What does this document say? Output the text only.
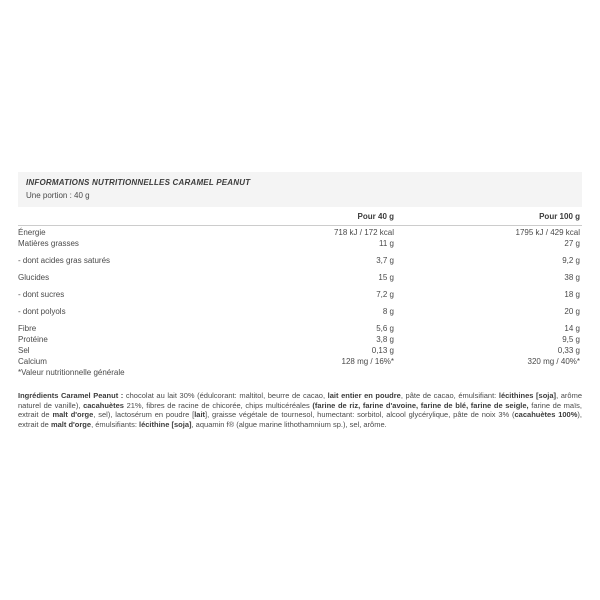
INFORMATIONS NUTRITIONNELLES CARAMEL PEANUT
Une portion : 40 g
Pour 40 g	Pour 100 g
Énergie	718 kJ / 172 kcal	1795 kJ / 429 kcal
Matières grasses	11 g	27 g
- dont acides gras saturés	3,7 g	9,2 g
Glucides	15 g	38 g
- dont sucres	7,2 g	18 g
- dont polyols	8 g	20 g
Fibre	5,6 g	14 g
Protéine	3,8 g	9,5 g
Sel	0,13 g	0,33 g
Calcium	128 mg / 16%*	320 mg / 40%*
*Valeur nutritionnelle générale

Ingrédients Caramel Peanut : chocolat au lait 30% (édulcorant: maltitol, beurre de cacao, lait entier en poudre, pâte de cacao, émulsifiant: lécithines [soja], arôme naturel de vanille), cacahuètes 21%, fibres de racine de chicorée, chips multicéréales (farine de riz, farine d'avoine, farine de blé, farine de seigle, farine de maïs, extrait de malt d'orge, sel), lactosérum en poudre [lait], graisse végétale de tournesol, humectant: sorbitol, alcool glycérylique, pâte de noix 3% (cacahuètes 100%), extrait de malt d'orge, émulsifiants: lécithine [soja], aquamin f® (algue marine lithothamnium sp.), sel, arôme.
